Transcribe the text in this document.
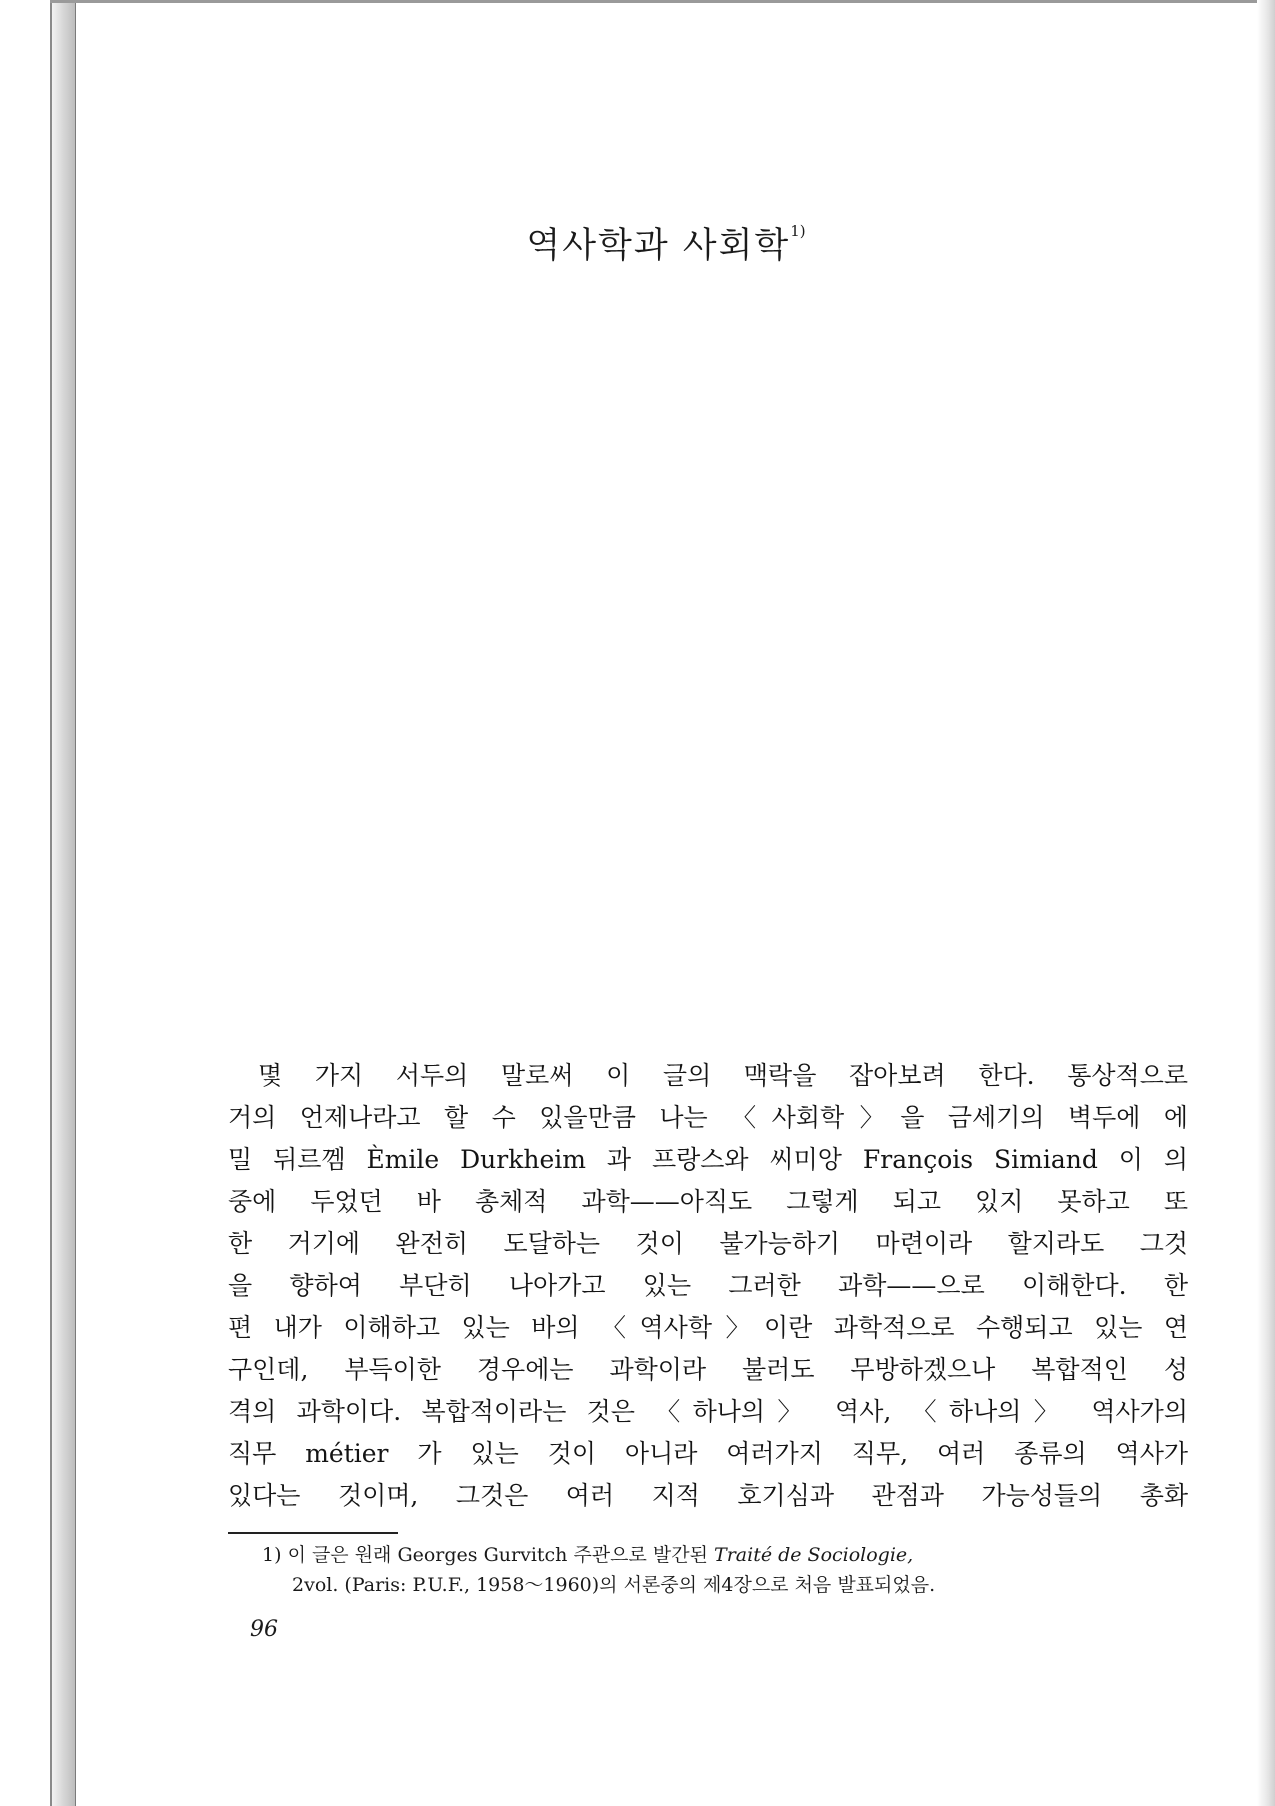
역사학과 사회학$^{1)}$
몇 가지 서두의 말로써 이 글의 맥락을 잡아보려 한다. 통상적으로
거의 언제나라고 할 수 있을만큼 나는 〈사회학〉을 금세기의 벽두에 에
밀 뒤르껨 Èmile Durkheim 과 프랑스와 씨미앙 François Simiand 이 의
중에 두었던 바 총체적 과학——아직도 그렇게 되고 있지 못하고 또
한 거기에 완전히 도달하는 것이 불가능하기 마련이라 할지라도 그것
을 향하여 부단히 나아가고 있는 그러한 과학——으로 이해한다. 한
편 내가 이해하고 있는 바의 〈역사학〉이란 과학적으로 수행되고 있는 연
구인데, 부득이한 경우에는 과학이라 불러도 무방하겠으나 복합적인 성
격의 과학이다. 복합적이라는 것은 〈하나의〉 역사, 〈하나의〉 역사가의
직무 métier 가 있는 것이 아니라 여러가지 직무, 여러 종류의 역사가
있다는 것이며, 그것은 여러 지적 호기심과 관점과 가능성들의 총화
1) 이 글은 원래 Georges Gurvitch 주관으로 발간된 Traité de Sociologie,
2vol. (Paris: P.U.F., 1958～1960)의 서론중의 제4장으로 처음 발표되었음.
96
